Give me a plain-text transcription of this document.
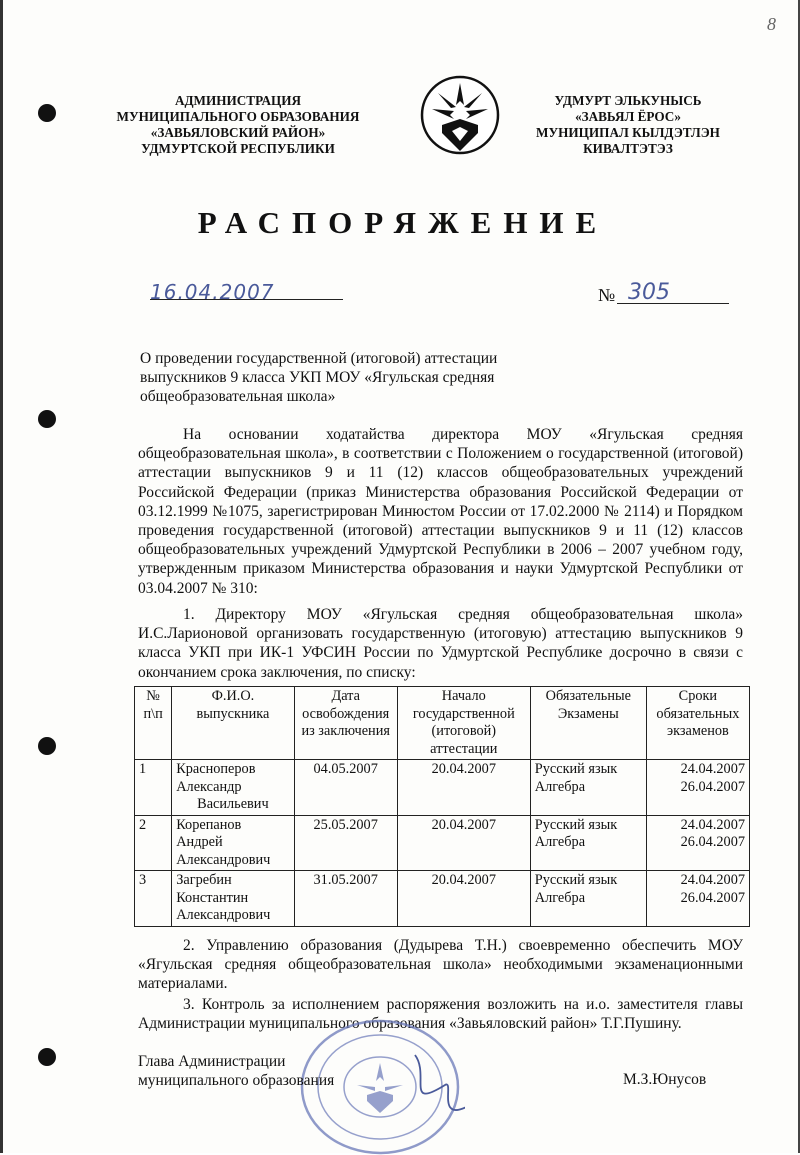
8
АДМИНИСТРАЦИЯ
МУНИЦИПАЛЬНОГО ОБРАЗОВАНИЯ
«ЗАВЬЯЛОВСКИЙ РАЙОН»
УДМУРТСКОЙ РЕСПУБЛИКИ
УДМУРТ ЭЛЬКУНЫСЬ
«ЗАВЬЯЛ ЁРОС»
МУНИЦИПАЛ КЫЛДЭТЛЭН
КИВАЛТЭТЭЗ
РАСПОРЯЖЕНИЕ
16.04.2007	№ 305
О проведении государственной (итоговой) аттестации
выпускников 9 класса УКП МОУ «Ягульская средняя
общеобразовательная школа»
На основании ходатайства директора МОУ «Ягульская средняя общеобразовательная школа», в соответствии с Положением о государственной (итоговой) аттестации выпускников 9 и 11 (12) классов общеобразовательных учреждений Российской Федерации (приказ Министерства образования Российской Федерации от 03.12.1999 №1075, зарегистрирован Минюстом России от 17.02.2000 № 2114) и Порядком проведения государственной (итоговой) аттестации выпускников 9 и 11 (12) классов общеобразовательных учреждений Удмуртской Республики в 2006 – 2007 учебном году, утвержденным приказом Министерства образования и науки Удмуртской Республики от 03.04.2007 № 310:
1. Директору МОУ «Ягульская средняя общеобразовательная школа» И.С.Ларионовой организовать государственную (итоговую) аттестацию выпускников 9 класса УКП при ИК-1 УФСИН России по Удмуртской Республике досрочно в связи с окончанием срока заключения, по списку:
№ п\п	Ф.И.О. выпускника	Дата освобождения из заключения	Начало государственной (итоговой) аттестации	Обязательные Экзамены	Сроки обязательных экзаменов
1	Красноперов
Александр
Васильевич	04.05.2007	20.04.2007	Русский язык
Алгебра	24.04.2007
26.04.2007

2	Корепанов
Андрей
Александрович	25.05.2007	20.04.2007	Русский язык
Алгебра	24.04.2007
26.04.2007

3	Загребин
Константин
Александрович	31.05.2007	20.04.2007	Русский язык
Алгебра	24.04.2007
26.04.2007
2. Управлению образования (Дудырева Т.Н.) своевременно обеспечить МОУ «Ягульская средняя общеобразовательная школа» необходимыми экзаменационными материалами.
3. Контроль за исполнением распоряжения возложить на и.о. заместителя главы Администрации муниципального образования «Завьяловский район» Т.Г.Пушину.
Глава Администрации
муниципального образования	М.З.Юнусов
